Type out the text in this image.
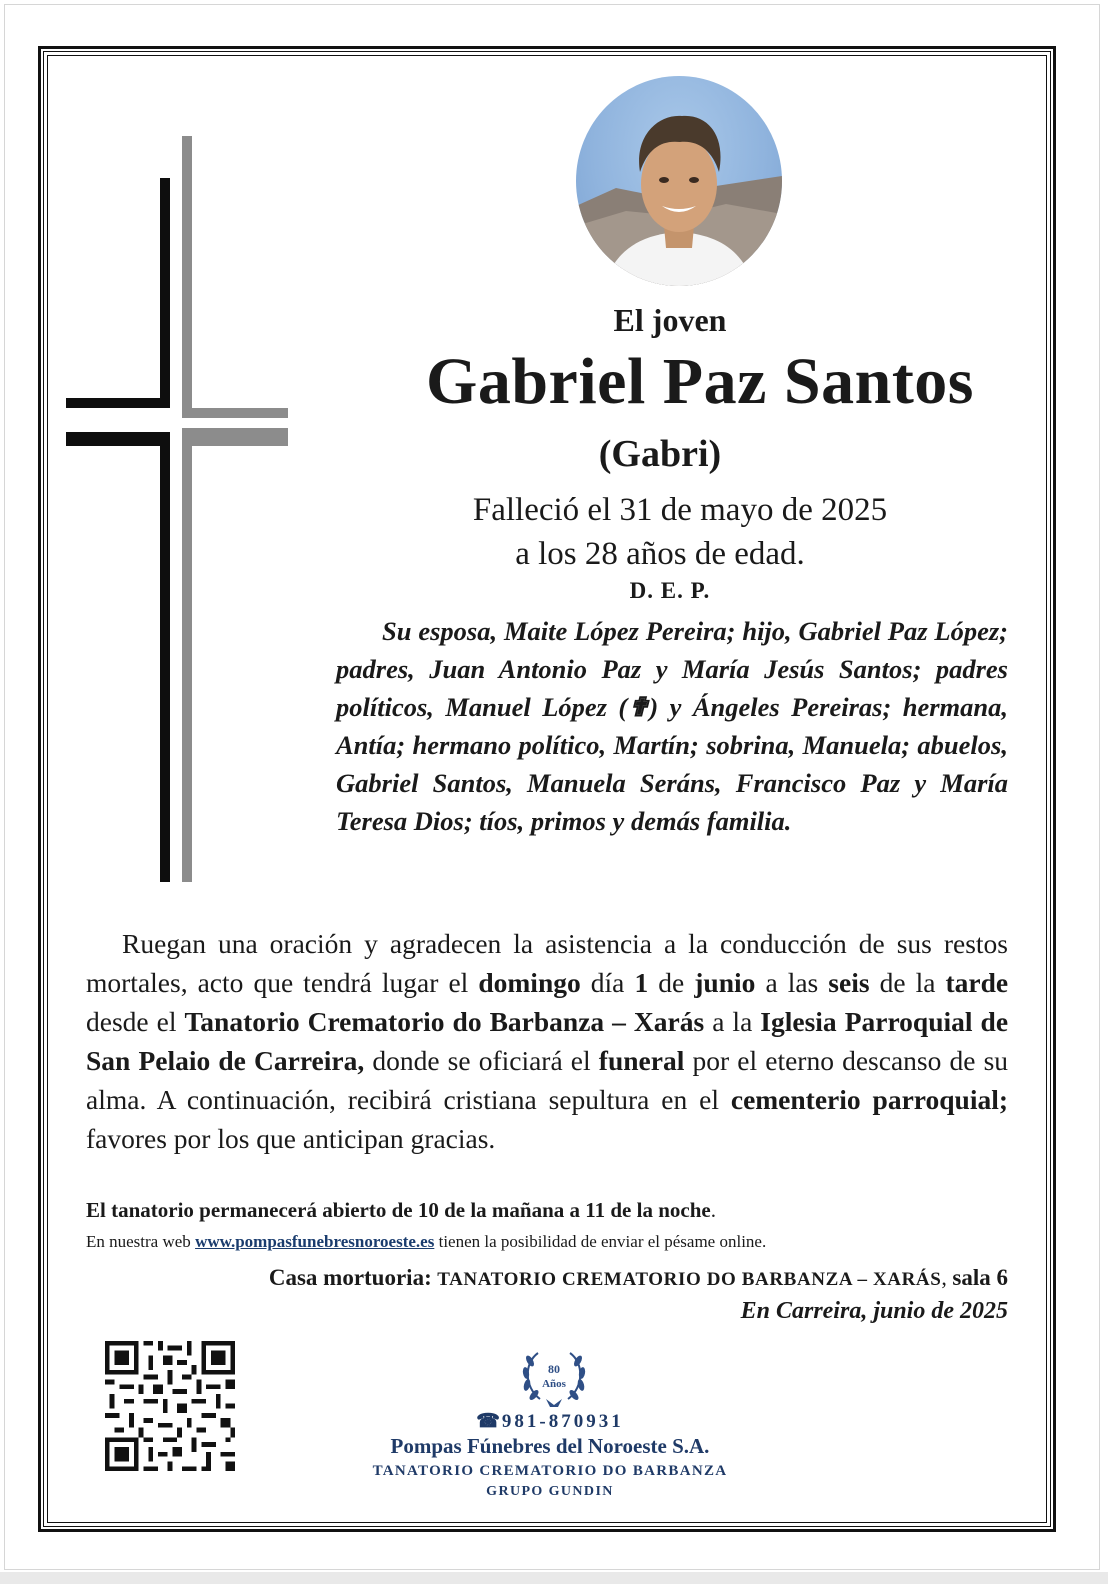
El joven
Gabriel Paz Santos
(Gabri)
Falleció el 31 de mayo de 2025
a los 28 años de edad.
D. E. P.
Su esposa, Maite López Pereira; hijo, Gabriel Paz López; padres, Juan Antonio Paz y María Jesús Santos; padres políticos, Manuel López (✟) y Ángeles Pereiras; hermana, Antía; hermano político, Martín; sobrina, Manuela; abuelos, Gabriel Santos, Manuela Seráns, Francisco Paz y María Teresa Dios; tíos, primos y demás familia.
Ruegan una oración y agradecen la asistencia a la conducción de sus restos mortales, acto que tendrá lugar el domingo día 1 de junio a las seis de la tarde desde el Tanatorio Crematorio do Barbanza – Xarás a la Iglesia Parroquial de San Pelaio de Carreira, donde se oficiará el funeral por el eterno descanso de su alma. A continuación, recibirá cristiana sepultura en el cementerio parroquial; favores por los que anticipan gracias.
El tanatorio permanecerá abierto de 10 de la mañana a 11 de la noche.
En nuestra web www.pompasfunebresnoroeste.es tienen la posibilidad de enviar el pésame online.
Casa mortuoria: TANATORIO CREMATORIO DO BARBANZA – XARÁS, sala 6
En Carreira, junio de 2025
80
Años
☎ 981-870931
Pompas Fúnebres del Noroeste S.A.
TANATORIO CREMATORIO DO BARBANZA
GRUPO GUNDIN
